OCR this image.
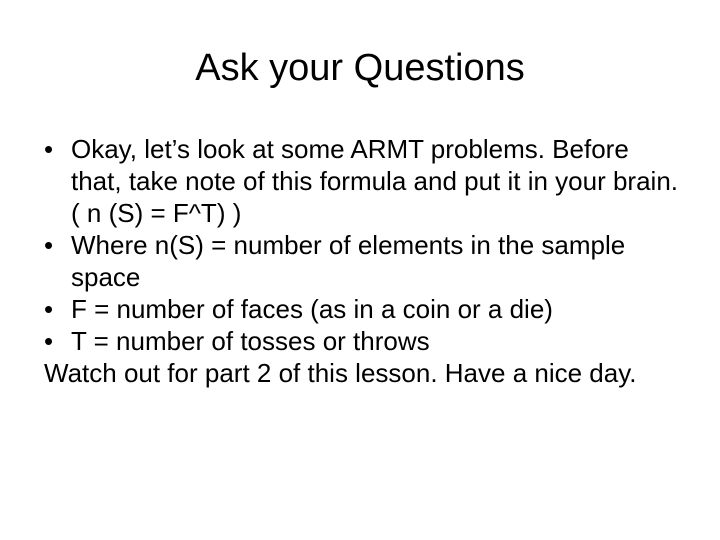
Ask your Questions

• Okay, let’s look at some ARMT problems. Before that, take note of this formula and put it in your brain. ( n (S) = F^T) )

• Where n(S) = number of elements in the sample space

• F = number of faces (as in a coin or a die)

• T = number of tosses or throws

Watch out for part 2 of this lesson. Have a nice day.
